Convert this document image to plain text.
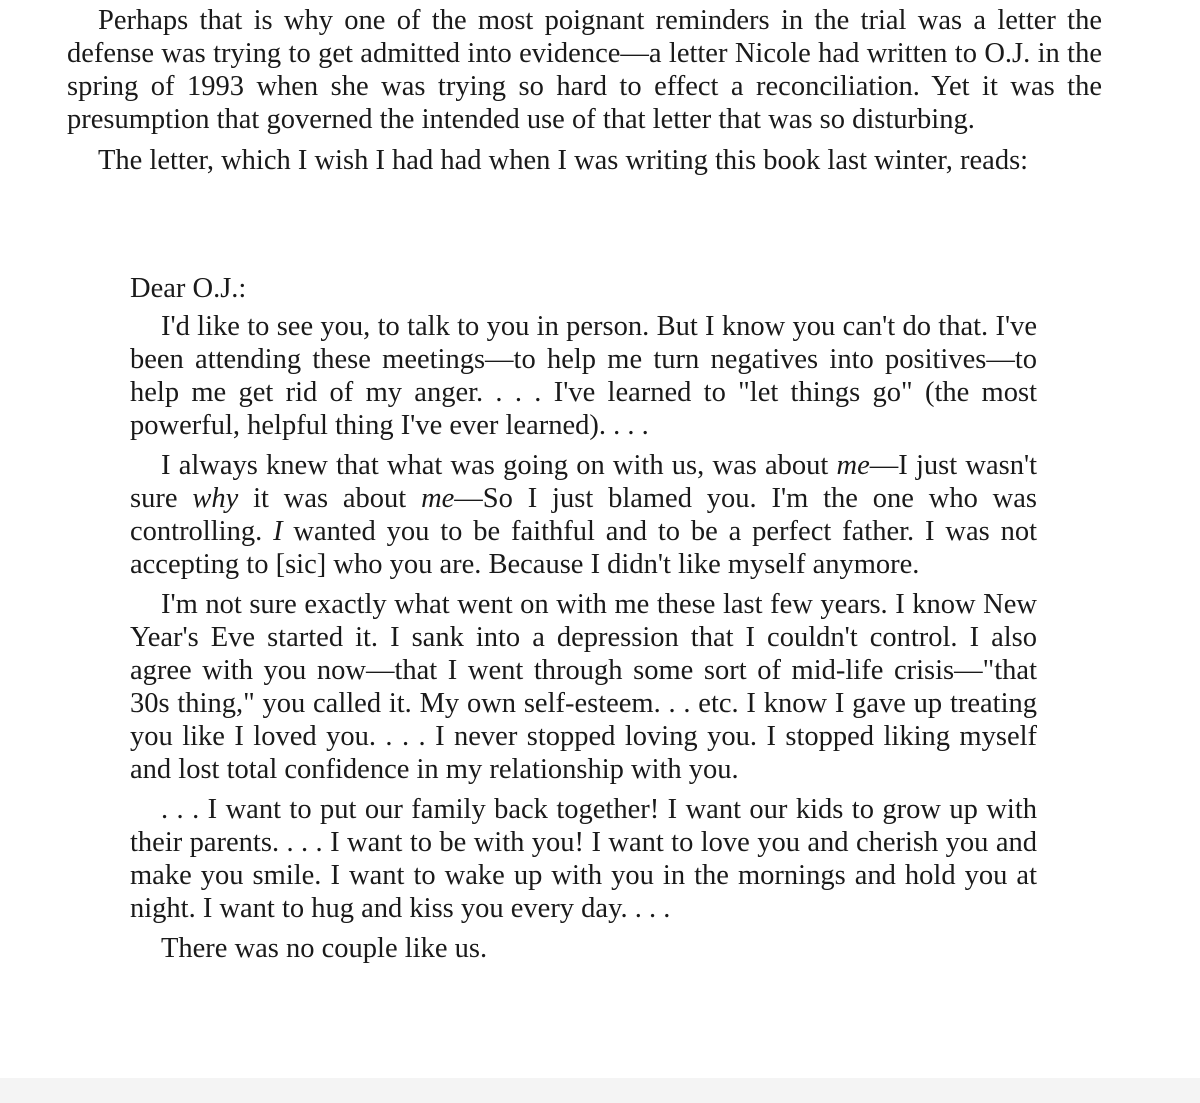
Perhaps that is why one of the most poignant reminders in the trial was a letter the defense was trying to get admitted into evidence—a letter Nicole had written to O.J. in the spring of 1993 when she was trying so hard to effect a reconciliation. Yet it was the presumption that governed the intended use of that letter that was so disturbing.

The letter, which I wish I had had when I was writing this book last winter, reads:

Dear O.J.:

I'd like to see you, to talk to you in person. But I know you can't do that. I've been attending these meetings—to help me turn negatives into positives—to help me get rid of my anger. . . . I've learned to "let things go" (the most powerful, helpful thing I've ever learned). . . .

I always knew that what was going on with us, was about me—I just wasn't sure why it was about me—So I just blamed you. I'm the one who was controlling. I wanted you to be faithful and to be a perfect father. I was not accepting to [sic] who you are. Because I didn't like myself anymore.

I'm not sure exactly what went on with me these last few years. I know New Year's Eve started it. I sank into a depression that I couldn't control. I also agree with you now—that I went through some sort of mid-life crisis—"that 30s thing," you called it. My own self-esteem. . . etc. I know I gave up treating you like I loved you. . . . I never stopped loving you. I stopped liking myself and lost total confidence in my relationship with you.

. . . I want to put our family back together! I want our kids to grow up with their parents. . . . I want to be with you! I want to love you and cherish you and make you smile. I want to wake up with you in the mornings and hold you at night. I want to hug and kiss you every day. . . .

There was no couple like us.
